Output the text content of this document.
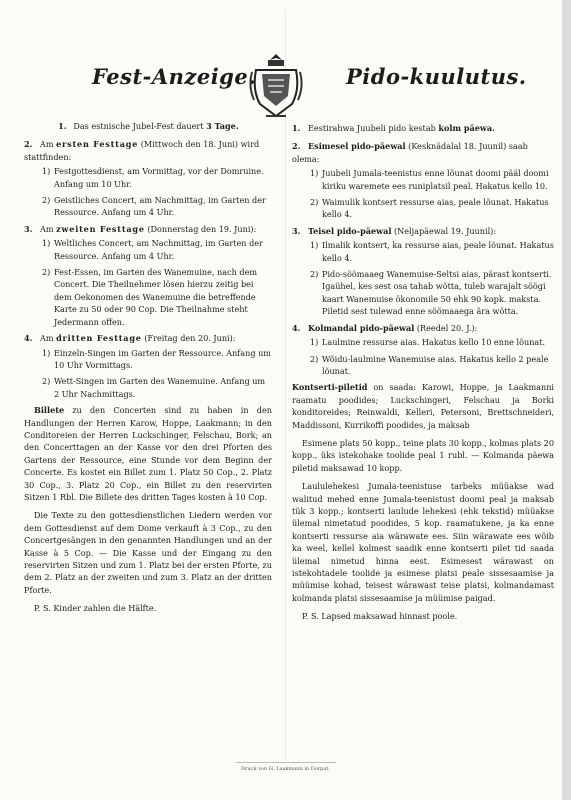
Fest-Anzeige.	Pido-kuulutus.

1. Das estnische Jubel-Fest dauert 3 Tage.

2. Am ersten Festtage (Mittwoch den 18. Juni) wird stattfinden:

1) Festgottesdienst, am Vormittag, vor der Domruine. Anfang um 10 Uhr.

2) Geistliches Concert, am Nachmittag, im Garten der Ressource. Anfang um 4 Uhr.

3. Am zweiten Festtage (Donnerstag den 19. Juni):

1) Weltliches Concert, am Nachmittag, im Garten der Ressource. Anfang um 4 Uhr.

2) Fest-Essen, im Garten des Wanemuine, nach dem Concert. Die Theilnehmer lösen hierzu zeitig bei dem Oekonomen des Wanemuine die betreffende Karte zu 50 oder 90 Cop. Die Theilnahme steht Jedermann offen.

4. Am dritten Festtage (Freitag den 20. Juni):

1) Einzeln-Singen im Garten der Ressource. Anfang um 10 Uhr Vormittags.

2) Wett-Singen im Garten des Wanemuine. Anfang um 2 Uhr Nachmittags.

Billete zu den Concerten sind zu haben in den Handlungen der Herren Karow, Hoppe, Laakmann; in den Conditoreien der Herren Luckschinger, Felschau, Bork; an den Concerttagen an der Kasse vor den drei Pforten des Gartens der Ressource, eine Stunde vor dem Beginn der Concerte. Es kostet ein Billet zum 1. Platz 50 Cop., 2. Platz 30 Cop., 3. Platz 20 Cop., ein Billet zu den reservirten Sitzen 1 Rbl. Die Billete des dritten Tages kosten à 10 Cop.

Die Texte zu den gottesdienstlichen Liedern werden vor dem Gottesdienst auf dem Dome verkauft à 3 Cop., zu den Concertgesängen in den genannten Handlungen und an der Kasse à 5 Cop. — Die Kasse und der Eingang zu den reservirten Sitzen und zum 1. Platz bei der ersten Pforte, zu dem 2. Platz an der zweiten und zum 3. Platz an der dritten Pforte.

P. S. Kinder zahlen die Hälfte.

1. Eestirahwa Juubeli pido kestab kolm päewa.

2. Esimesel pido-päewal (Kesknädalal 18. Juunil) saab olema:

1) Juubeli Jumala-teenistus enne lõunat doomi pääl doomi kiriku waremete ees runiplatsil peal. Hakatus kello 10.

2) Waimulik kontsert ressurse aias, peale lõunat. Hakatus kello 4.

3. Teisel pido-päewal (Neljapäewal 19. Juunil):

1) Ilmalik kontsert, ka ressurse aias, peale lõunat. Hakatus kello 4.

2) Pido-söömaaeg Wanemuise-Seltsi aias, pärast kontserti. Igaühel, kes sest osa tahab wõtta, tuleb warajalt söögi kaart Wanemuise ökonomile 50 ehk 90 kopk. maksta. Piletid sest tulewad enne söömaaega ära wõtta.

4. Kolmandal pido-päewal (Reedel 20. J.):

1) Laulmine ressurse aias. Hakatus kello 10 enne lõunat.

2) Wõidu-laulmine Wanemuise aias. Hakatus kello 2 peale lõunat.

Kontserti-piletid on saada: Karowi, Hoppe, ja Laakmanni raamatu poodides; Luckschingeri, Felschau ja Borki konditoreides; Reinwaldi, Kelleri, Petersoni, Brettschneideri, Maddissoni, Kurrikoffi poodides, ja maksab

Esimene plats 50 kopp., teine plats 30 kopp., kolmas plats 20 kopp., üks istekohake toolide peal 1 rubl. — Kolmanda päewa piletid maksawad 10 kopp.

Laululehekesi Jumala-teenistuse tarbeks müüakse wad walitud mehed enne Jumala-teenistust doomi peal ja maksab tük 3 kopp.; kontserti laulude lehekesi (ehk tekstid) müüakse ülemal nimetatud poodides, 5 kop. raamatukene, ja ka enne kontserti ressurse aia wärawate ees. Siin wärawate ees wõib ka weel, kellel kolmest saadik enne kontserti pilet tid saada ülemal nimetud hinna eest. Esimesest wärawast on istekohtadele toolide ja esimese platsi peale sissesaamise ja müümise kohad, teisest wärawast teise platsi, kolmandamast kolmanda platsi sissesaamise ja müümise paigad.

P. S. Lapsed maksawad hinnast poole.

Druck von H. Laakmann in Dorpat.
